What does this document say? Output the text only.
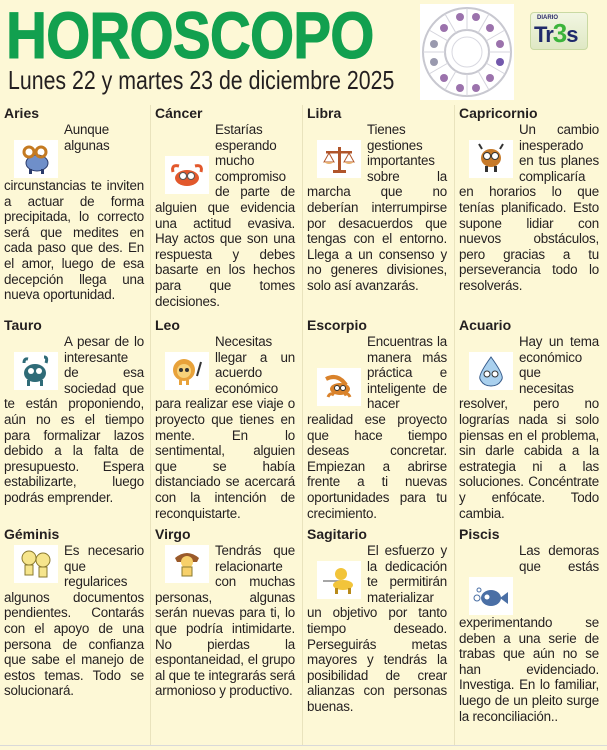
HOROSCOPO
Lunes 22 y martes 23 de diciembre 2025
DIARIO
Tr3s
Aries
Aunque algunas circunstancias te inviten a actuar de forma precipitada, lo correcto será que medites en cada paso que des. En el amor, luego de esa decepción llega una nueva oportunidad.
Cáncer
Estarías esperando mucho compromiso de parte de alguien que evidencia una actitud evasiva. Hay actos que son una respuesta y debes basarte en los hechos para que tomes decisiones.
Libra
Tienes gestiones importantes sobre la marcha que no deberían interrumpirse por desacuerdos que tengas con el entorno. Llega a un consenso y no generes divisiones, solo así avanzarás.
Capricornio
Un cambio inesperado en tus planes complicaría en horarios lo que tenías planificado. Esto supone lidiar con nuevos obstáculos, pero gracias a tu perseverancia todo lo resolverás.
Tauro
A pesar de lo interesante de esa sociedad que te están proponiendo, aún no es el tiempo para formalizar lazos debido a la falta de presupuesto. Espera estabilizarte, luego podrás emprender.
Leo
Necesitas llegar a un acuerdo económico para realizar ese viaje o proyecto que tienes en mente. En lo sentimental, alguien que se había distanciado se acercará con la intención de reconquistarte.
Escorpio
Encuentras la manera más práctica e inteligente de hacer realidad ese proyecto que hace tiempo deseas concretar. Empiezan a abrirse frente a ti nuevas oportunidades para tu crecimiento.
Acuario
Hay un tema económico que necesitas resolver, pero no lograrías nada si solo piensas en el problema, sin darle cabida a la estrategia ni a las soluciones. Concéntrate y enfócate. Todo cambia.
Géminis
Es necesario que regularices algunos documentos pendientes. Contarás con el apoyo de una persona de confianza que sabe el manejo de estos temas. Todo se solucionará.
Virgo
Tendrás que relacionarte con muchas personas, algunas serán nuevas para ti, lo que podría intimidarte. No pierdas la espontaneidad, el grupo al que te integrarás será armonioso y productivo.
Sagitario
El esfuerzo y la dedicación te permitirán materializar un objetivo por tanto tiempo deseado. Perseguirás metas mayores y tendrás la posibilidad de crear alianzas con personas buenas.
Piscis
Las demoras que estás experimentando se deben a una serie de trabas que aún no se han evidenciado. Investiga. En lo familiar, luego de un pleito surge la reconciliación..
